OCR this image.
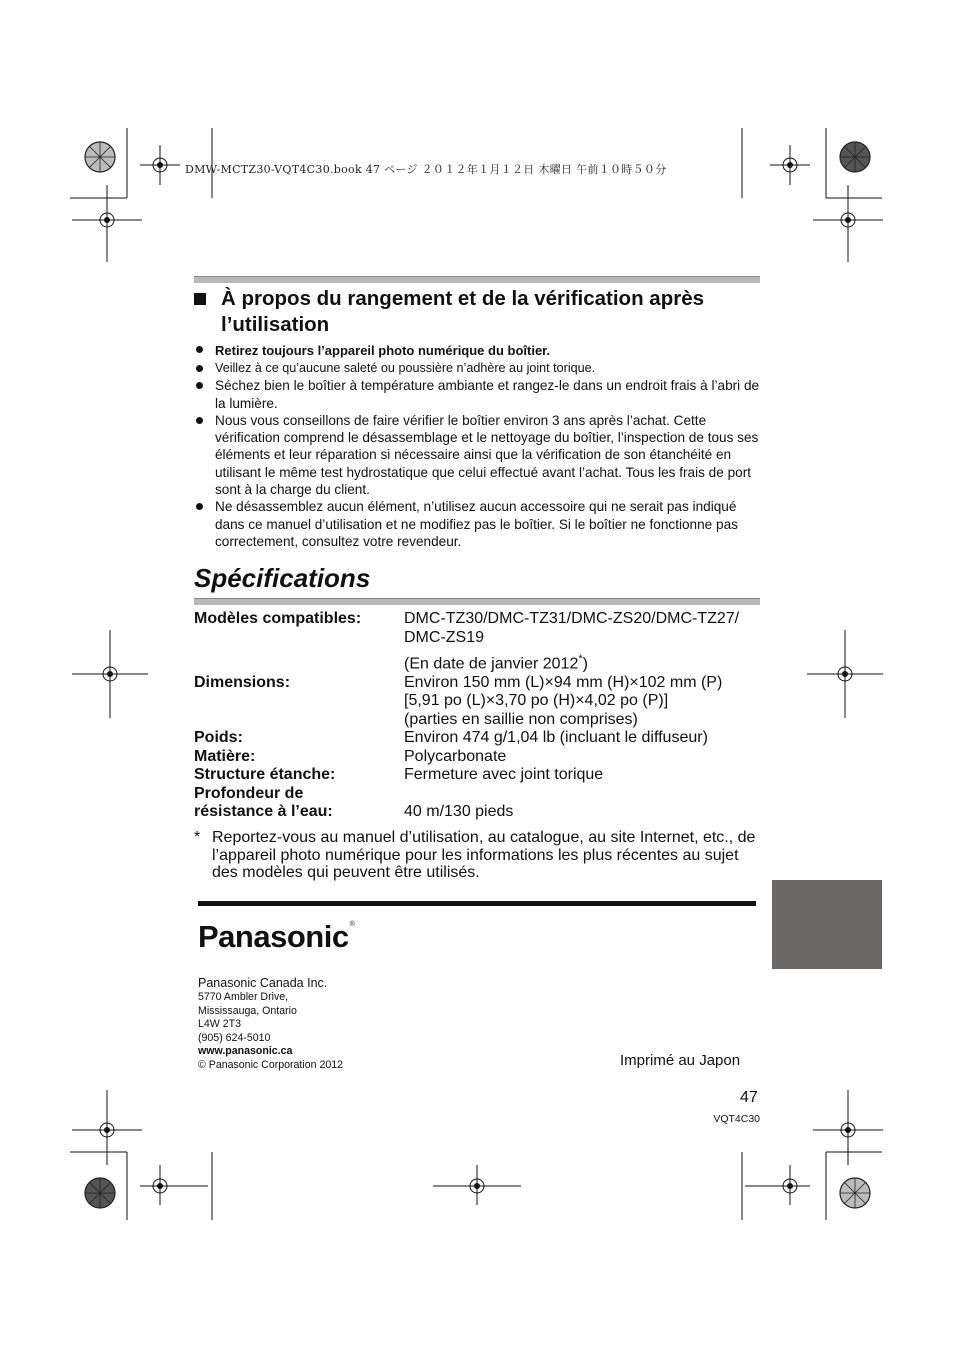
DMW-MCTZ30-VQT4C30.book 47 ページ ２０１２年１月１２日 木曜日 午前１０時５０分
À propos du rangement et de la vérification après l’utilisation
Retirez toujours l’appareil photo numérique du boîtier.
Veillez à ce qu’aucune saleté ou poussière n’adhère au joint torique.
Séchez bien le boîtier à température ambiante et rangez-le dans un endroit frais à l’abri de la lumière.
Nous vous conseillons de faire vérifier le boîtier environ 3 ans après l’achat. Cette vérification comprend le désassemblage et le nettoyage du boîtier, l’inspection de tous ses éléments et leur réparation si nécessaire ainsi que la vérification de son étanchéité en utilisant le même test hydrostatique que celui effectué avant l’achat. Tous les frais de port sont à la charge du client.
Ne désassemblez aucun élément, n’utilisez aucun accessoire qui ne serait pas indiqué dans ce manuel d’utilisation et ne modifiez pas le boîtier. Si le boîtier ne fonctionne pas correctement, consultez votre revendeur.
Spécifications
Modèles compatibles:	DMC-TZ30/DMC-TZ31/DMC-ZS20/DMC-TZ27/
DMC-ZS19
(En date de janvier 2012*)

Dimensions:	Environ 150 mm (L)×94 mm (H)×102 mm (P)
[5,91 po (L)×3,70 po (H)×4,02 po (P)]
(parties en saillie non comprises)

Poids:	Environ 474 g/1,04 lb (incluant le diffuseur)
Matière:	Polycarbonate
Structure étanche:	Fermeture avec joint torique

Profondeur de
résistance à l’eau:	40 m/130 pieds
* Reportez-vous au manuel d’utilisation, au catalogue, au site Internet, etc., de l’appareil photo numérique pour les informations les plus récentes au sujet des modèles qui peuvent être utilisés.
Panasonic®
Panasonic Canada Inc.
5770 Ambler Drive,
Mississauga, Ontario
L4W 2T3
(905) 624-5010
www.panasonic.ca
© Panasonic Corporation 2012	Imprimé au Japon
47
VQT4C30
